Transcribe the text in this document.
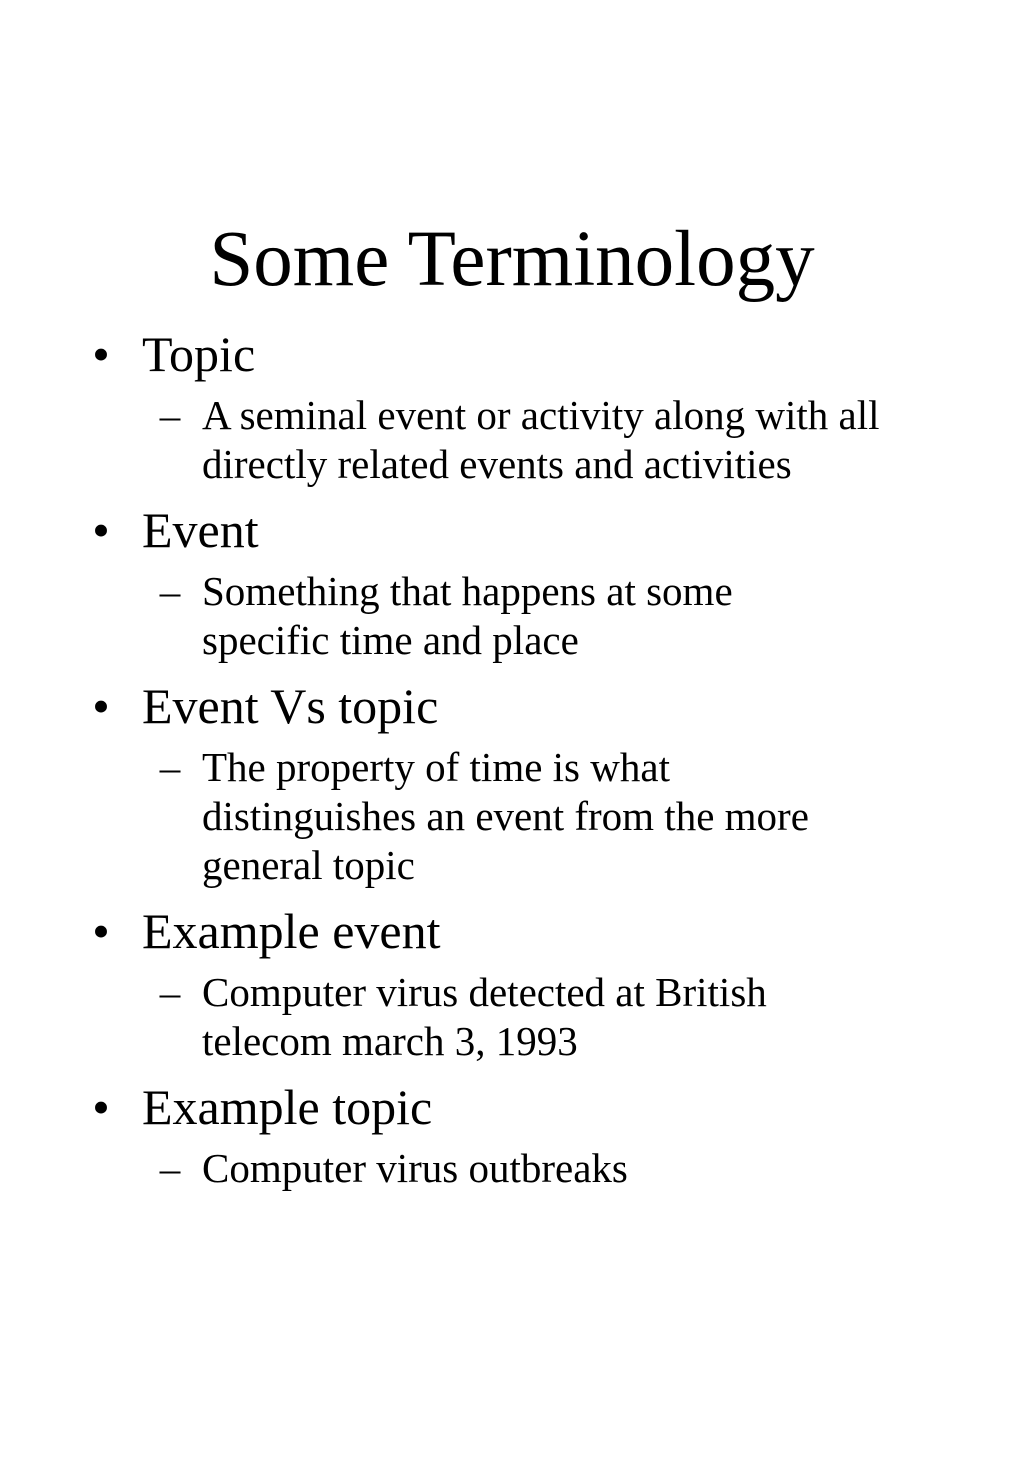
Some Terminology
• Topic
– A seminal event or activity along with all directly related events and activities
• Event
– Something that happens at some specific time and place
• Event Vs topic
– The property of time is what distinguishes an event from the more general topic
• Example event
– Computer virus detected at British telecom march 3, 1993
• Example topic
– Computer virus outbreaks
